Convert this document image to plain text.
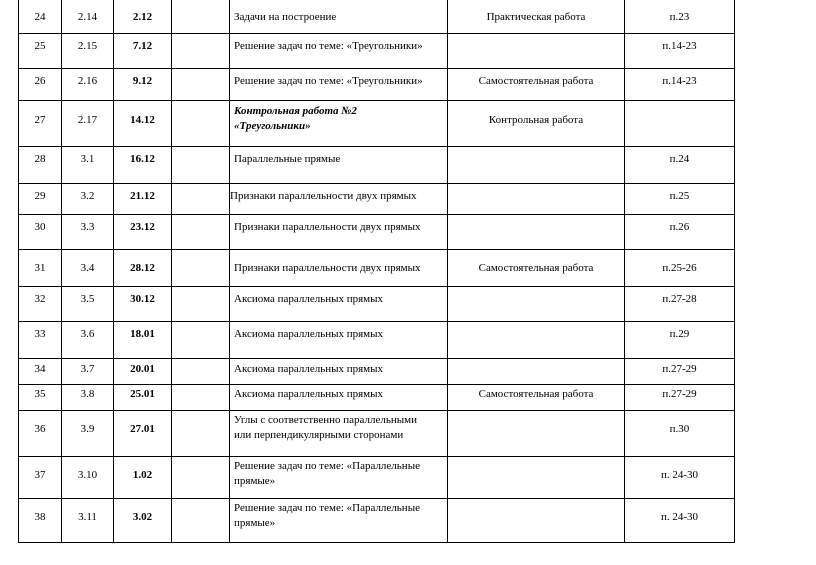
24	2.14	2.12		Задачи на построение	Практическая работа	п.23
25	2.15	7.12		Решение задач по теме: «Треугольники»		п.14-23
26	2.16	9.12		Решение задач по теме: «Треугольники»	Самостоятельная работа	п.14-23
27	2.17	14.12		Контрольная работа №2
«Треугольники»	Контрольная работа	
28	3.1	16.12		Параллельные прямые		п.24
29	3.2	21.12		Признаки параллельности двух прямых		п.25
30	3.3	23.12		Признаки параллельности двух прямых		п.26
31	3.4	28.12		Признаки параллельности двух прямых	Самостоятельная работа	п.25-26
32	3.5	30.12		Аксиома параллельных прямых		п.27-28
33	3.6	18.01		Аксиома параллельных прямых		п.29
34	3.7	20.01		Аксиома параллельных прямых		п.27-29
35	3.8	25.01		Аксиома параллельных прямых	Самостоятельная работа	п.27-29
36	3.9	27.01		Углы с соответственно параллельными
или перпендикулярными сторонами		п.30
37	3.10	1.02		Решение задач по теме: «Параллельные
прямые»		п. 24-30
38	3.11	3.02		Решение задач по теме: «Параллельные
прямые»		п. 24-30
